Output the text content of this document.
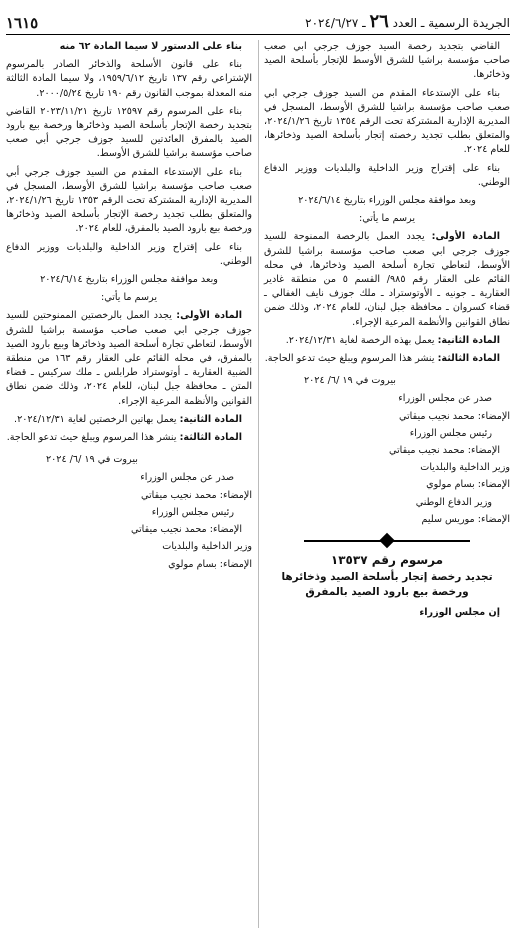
الجريدة الرسمية ـ العدد ٢٦ ـ ٢٠٢٤/٦/٢٧
١٦١٥

القاضي بتجديد رخصة السيد جوزف جرجي ابي صعب صاحب مؤسسة براشيا للشرق الأوسط للإتجار بأسلحة الصيد وذخائرها.

بناء على الإستدعاء المقدم من السيد جوزف جرجي ابي صعب صاحب مؤسسة براشيا للشرق الأوسط، المسجل في المديرية الإدارية المشتركة تحت الرقم ١٣٥٤ تاريخ ٢٠٢٤/١/٢٦، والمتعلق بطلب تجديد رخصته إتجار بأسلحة الصيد وذخائرها، للعام ٢٠٢٤.

بناء على إقتراح وزير الداخلية والبلديات ووزير الدفاع الوطني.

وبعد موافقة مجلس الوزراء بتاريخ ٢٠٢٤/٦/١٤

يرسم ما يأتي:

المادة الأولى: يجدد العمل بالرخصة الممنوحة للسيد جوزف جرجي ابي صعب صاحب مؤسسة براشيا للشرق الأوسط، لتعاطي تجارة أسلحة الصيد وذخائرها، في محله القائم على العقار رقم ٩٨٥/ القسم ٥ من منطقة غادير العقارية ـ جونيه ـ الأوتوستراد ـ ملك جوزف نايف الغفالي ـ قضاء كسروان ـ محافظة جبل لبنان، للعام ٢٠٢٤، وذلك ضمن نطاق القوانين والأنظمة المرعية الإجراء.

المادة الثانية: يعمل بهذه الرخصة لغاية ٢٠٢٤/١٢/٣١.

المادة الثالثة: ينشر هذا المرسوم ويبلغ حيث تدعو الحاجة.

بيروت في ١٩ /٦/ ٢٠٢٤

صدر عن مجلس الوزراء

الإمضاء: محمد نجيب ميقاتي

رئيس مجلس الوزراء

الإمضاء: محمد نجيب ميقاتي

وزير الداخلية والبلديات

الإمضاء: بسام مولوي

وزير الدفاع الوطني

الإمضاء: موريس سليم

مرسوم رقم ١٣٥٣٧

تجديد رخصة إتجار بأسلحة الصيد وذخائرها ورخصة بيع بارود الصيد بالمفرق

إن مجلس الوزراء

بناء على الدستور لا سيما المادة ٦٢ منه

بناء على قانون الأسلحة والذخائر الصادر بالمرسوم الإشتراعي رقم ١٣٧ تاريخ ١٩٥٩/٦/١٢، ولا سيما المادة الثالثة منه المعدلة بموجب القانون رقم ١٩٠ تاريخ ٢٠٠٠/٥/٢٤.

بناء على المرسوم رقم ١٢٥٩٧ تاريخ ٢٠٢٣/١١/٢١ القاضي بتجديد رخصة الإتجار بأسلحة الصيد وذخائرها ورخصة بيع بارود الصيد بالمفرق العائدتين للسيد جوزف جرجي أبي صعب صاحب مؤسسة براشيا للشرق الأوسط.

بناء على الإستدعاء المقدم من السيد جوزف جرجي أبي صعب صاحب مؤسسة براشيا للشرق الأوسط، المسجل في المديرية الإدارية المشتركة تحت الرقم ١٣٥٣ تاريخ ٢٠٢٤/١/٢٦، والمتعلق بطلب تجديد رخصة الإتجار بأسلحة الصيد وذخائرها ورخصة بيع بارود الصيد بالمفرق، للعام ٢٠٢٤.

بناء على إقتراح وزير الداخلية والبلديات ووزير الدفاع الوطني.

وبعد موافقة مجلس الوزراء بتاريخ ٢٠٢٤/٦/١٤

يرسم ما يأتي:

المادة الأولى: يجدد العمل بالرخصتين الممنوحتين للسيد جوزف جرجي ابي صعب صاحب مؤسسة براشيا للشرق الأوسط، لتعاطي تجارة أسلحة الصيد وذخائرها وبيع بارود الصيد بالمفرق، في محله القائم على العقار رقم ١٦٣ من منطقة الضبية العقارية ـ أوتوستراد طرابلس ـ ملك سركيس ـ قضاء المتن ـ محافظة جبل لبنان، للعام ٢٠٢٤، وذلك ضمن نطاق القوانين والأنظمة المرعية الإجراء.

المادة الثانية: يعمل بهاتين الرخصتين لغاية ٢٠٢٤/١٢/٣١.

المادة الثالثة: ينشر هذا المرسوم ويبلغ حيث تدعو الحاجة.

بيروت في ١٩ /٦/ ٢٠٢٤

صدر عن مجلس الوزراء

الإمضاء: محمد نجيب ميقاتي

رئيس مجلس الوزراء

الإمضاء: محمد نجيب ميقاتي

وزير الداخلية والبلديات

الإمضاء: بسام مولوي
